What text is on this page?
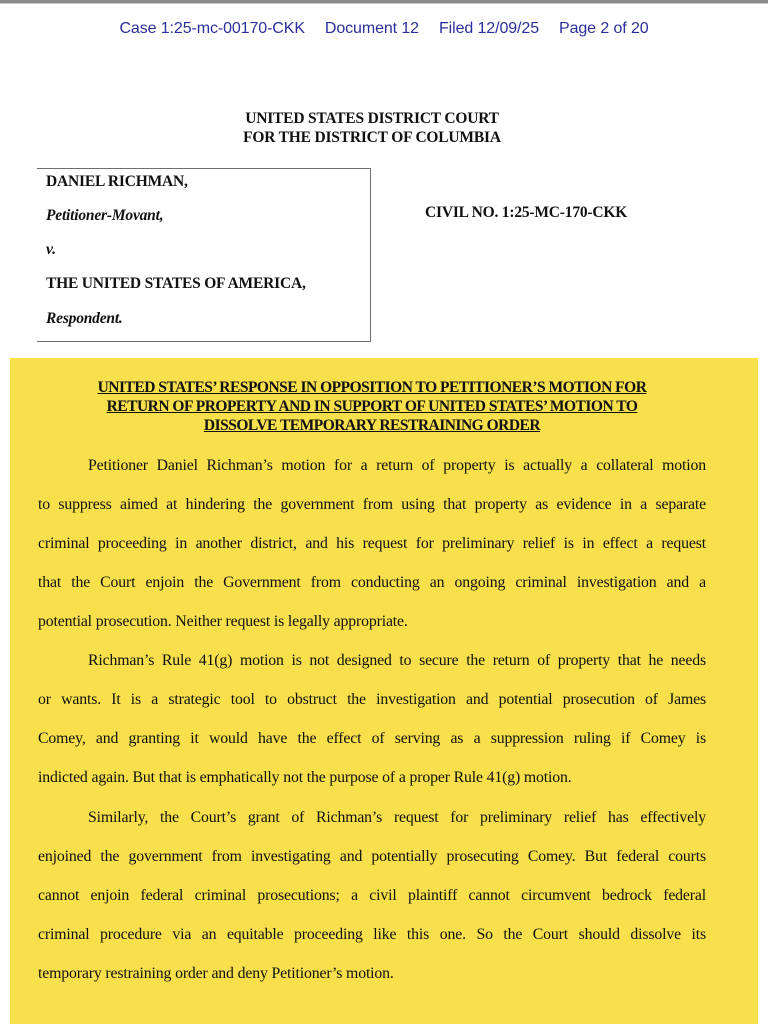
Case 1:25-mc-00170-CKK Document 12 Filed 12/09/25 Page 2 of 20
UNITED STATES DISTRICT COURT
FOR THE DISTRICT OF COLUMBIA
DANIEL RICHMAN,
Petitioner-Movant,
v.
THE UNITED STATES OF AMERICA,
Respondent.
CIVIL NO. 1:25-MC-170-CKK
UNITED STATES’ RESPONSE IN OPPOSITION TO PETITIONER’S MOTION FOR
RETURN OF PROPERTY AND IN SUPPORT OF UNITED STATES’ MOTION TO
DISSOLVE TEMPORARY RESTRAINING ORDER
Petitioner Daniel Richman’s motion for a return of property is actually a collateral motion
to suppress aimed at hindering the government from using that property as evidence in a separate
criminal proceeding in another district, and his request for preliminary relief is in effect a request
that the Court enjoin the Government from conducting an ongoing criminal investigation and a
potential prosecution. Neither request is legally appropriate.
Richman’s Rule 41(g) motion is not designed to secure the return of property that he needs
or wants. It is a strategic tool to obstruct the investigation and potential prosecution of James
Comey, and granting it would have the effect of serving as a suppression ruling if Comey is
indicted again. But that is emphatically not the purpose of a proper Rule 41(g) motion.
Similarly, the Court’s grant of Richman’s request for preliminary relief has effectively
enjoined the government from investigating and potentially prosecuting Comey. But federal courts
cannot enjoin federal criminal prosecutions; a civil plaintiff cannot circumvent bedrock federal
criminal procedure via an equitable proceeding like this one. So the Court should dissolve its
temporary restraining order and deny Petitioner’s motion.
